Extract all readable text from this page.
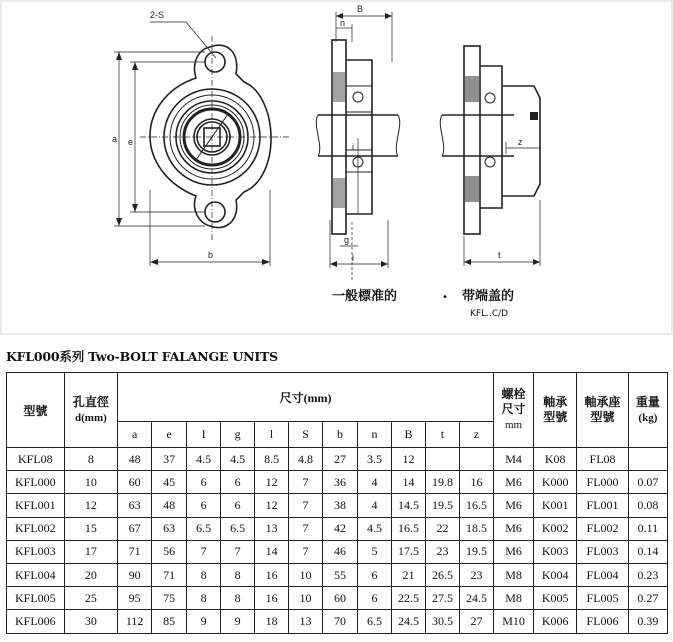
2-S
a e
b
B
n
i
g
l	t
z
一般標准的	• 带端盖的
KFL..C/D
KFL000系列 Two-BOLT FALANGE UNITS
型號	孔直徑
d(mm)	尺寸(mm)											螺栓
尺寸
mm	軸承
型號	軸承座
型號	重量
(kg)
		a	e	I	g	l	S	b	n	B	t	z				
KFL08	8	48	37	4.5	4.5	8.5	4.8	27	3.5	12			M4	K08	FL08	
KFL000	10	60	45	6	6	12	7	36	4	14	19.8	16	M6	K000	FL000	0.07
KFL001	12	63	48	6	6	12	7	38	4	14.5	19.5	16.5	M6	K001	FL001	0.08
KFL002	15	67	63	6.5	6.5	13	7	42	4.5	16.5	22	18.5	M6	K002	FL002	0.11
KFL003	17	71	56	7	7	14	7	46	5	17.5	23	19.5	M6	K003	FL003	0.14
KFL004	20	90	71	8	8	16	10	55	6	21	26.5	23	M8	K004	FL004	0.23
KFL005	25	95	75	8	8	16	10	60	6	22.5	27.5	24.5	M8	K005	FL005	0.27
KFL006	30	112	85	9	9	18	13	70	6.5	24.5	30.5	27	M10	K006	FL006	0.39
